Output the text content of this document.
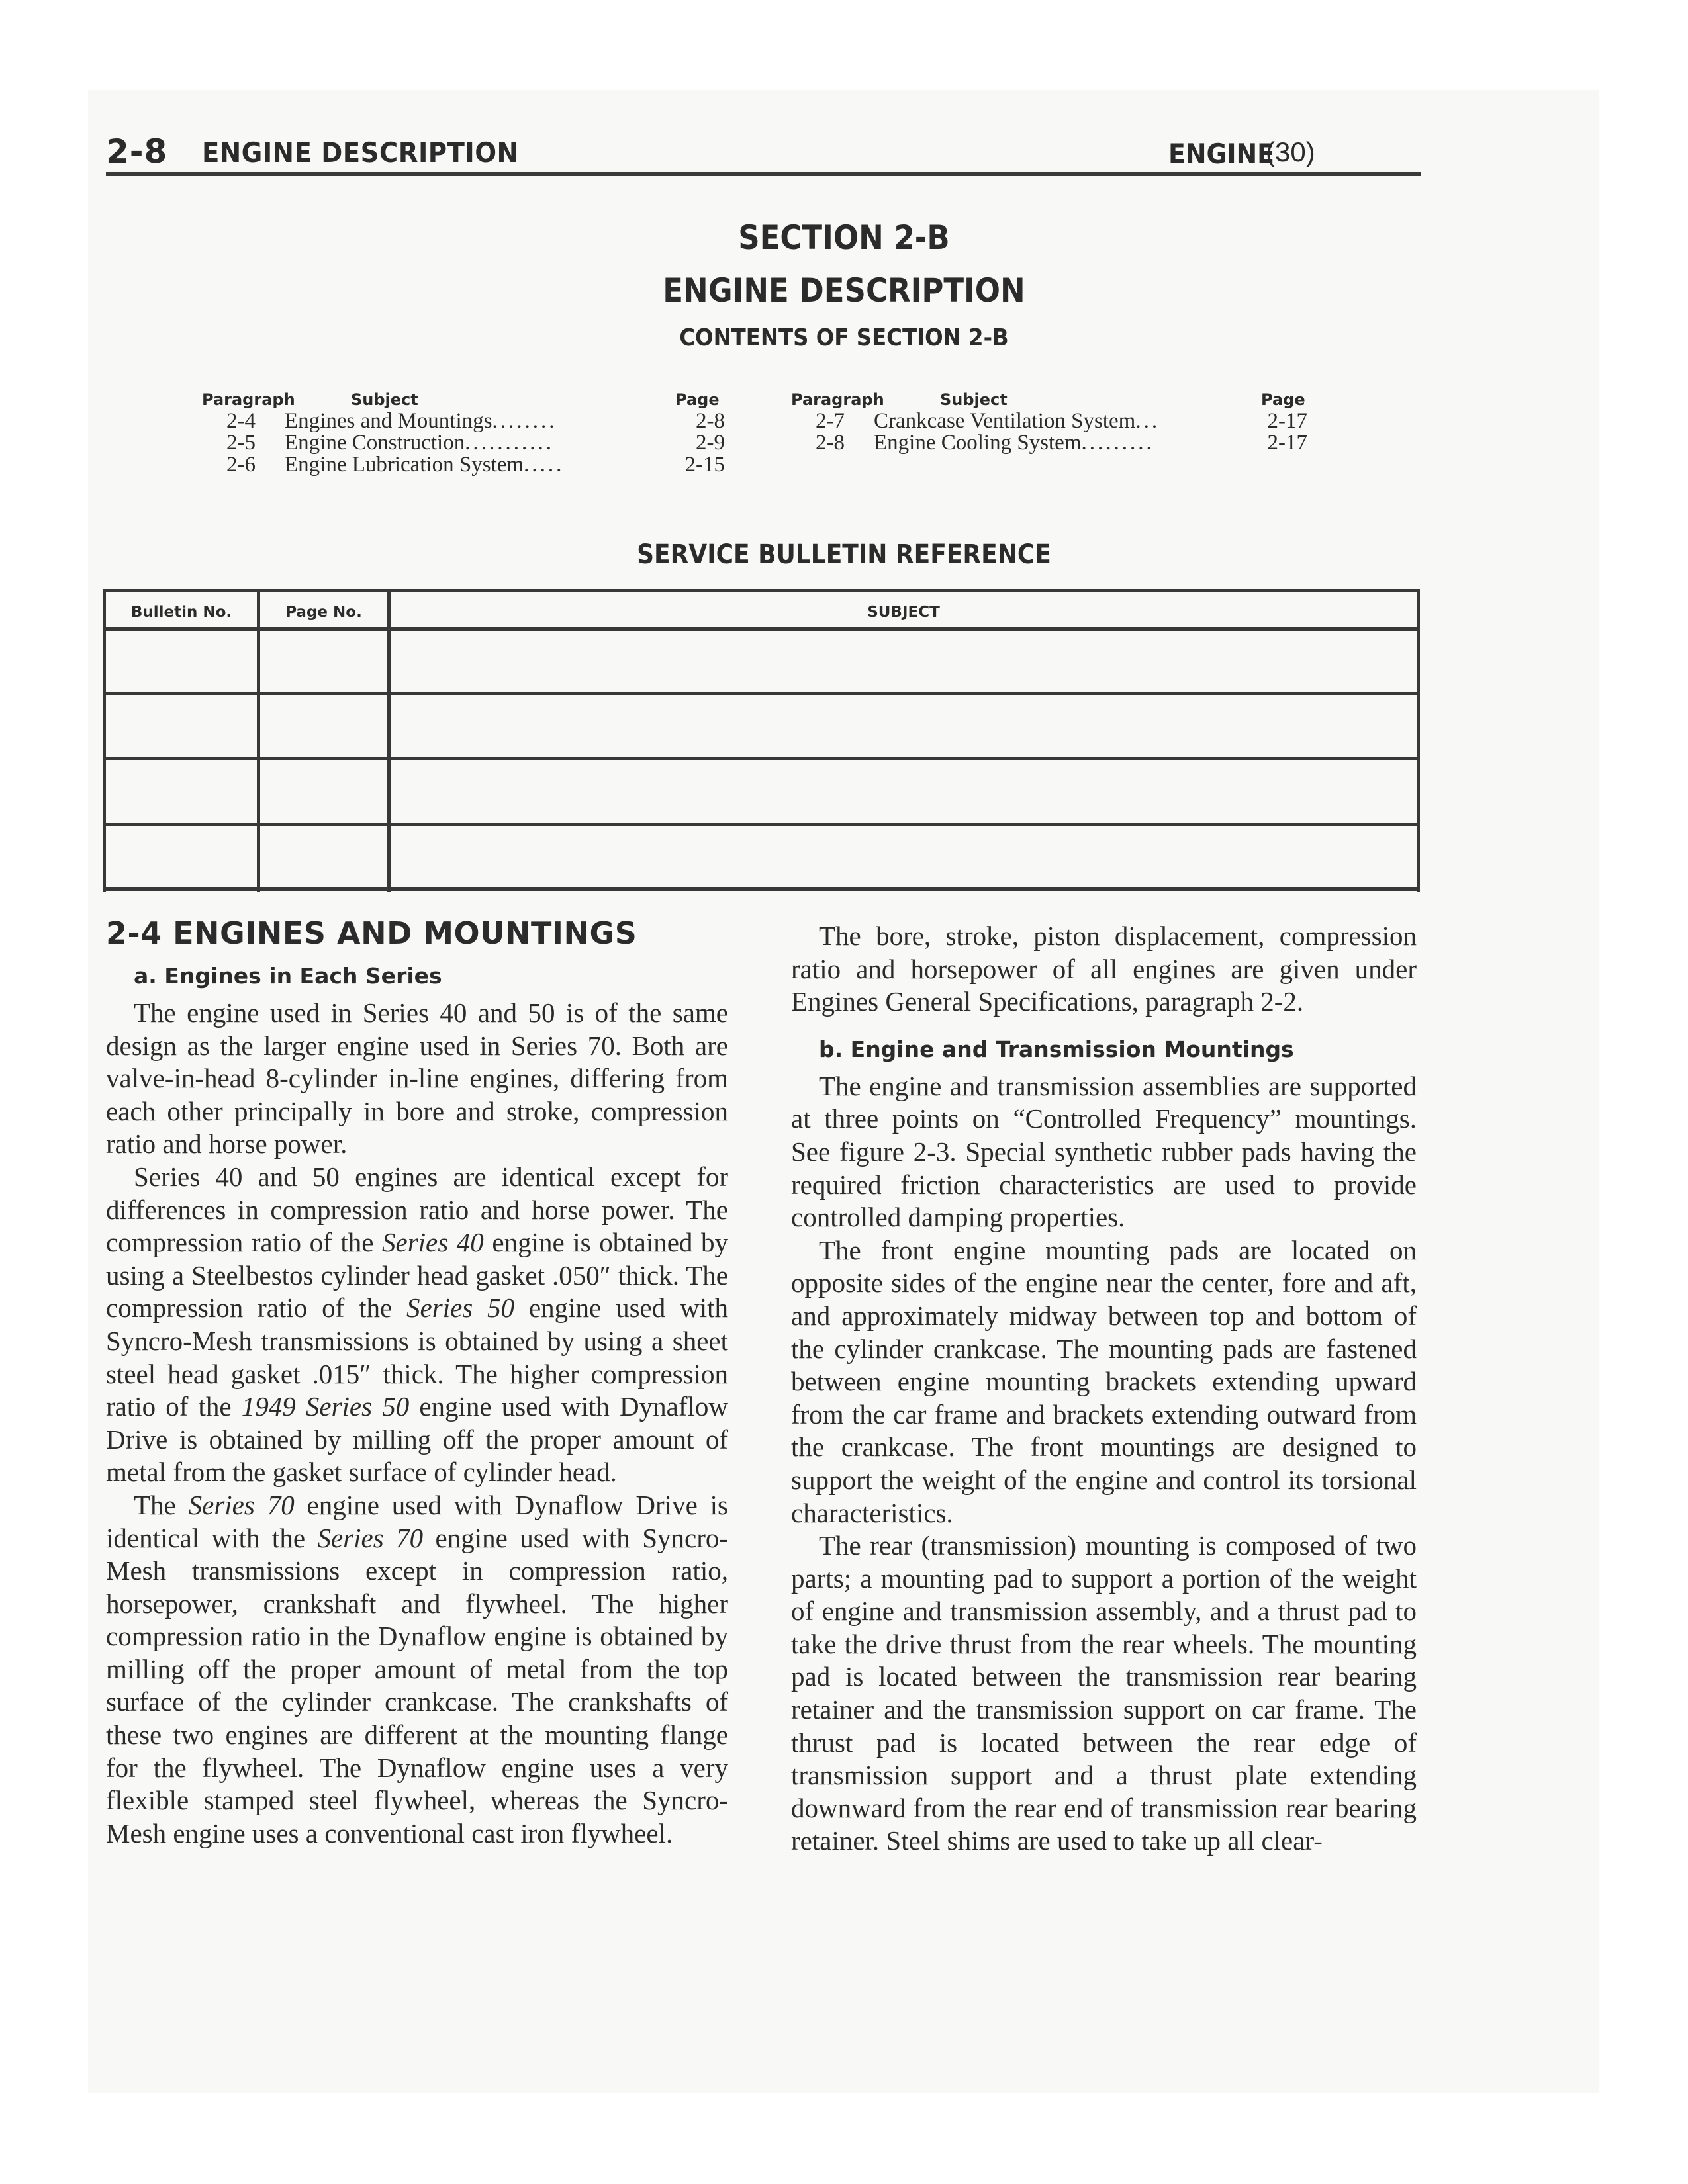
2-8 ENGINE DESCRIPTION	ENGINE
(30)
SECTION 2-B
ENGINE DESCRIPTION
CONTENTS OF SECTION 2-B
Paragraph	Subject	Page	Paragraph	Subject	Page
2-4 Engines and Mountings........	2-8
2-5 Engine Construction...........	2-9
2-6 Engine Lubrication System.....	2-15
2-7 Crankcase Ventilation System...	2-17
2-8 Engine Cooling System.........	2-17
SERVICE BULLETIN REFERENCE
Bulletin No.	Page No.	SUBJECT
2-4 ENGINES AND MOUNTINGS
a. Engines in Each Series

The engine used in Series 40 and 50 is of the same design as the larger engine used in Series 70. Both are valve-in-head 8-cylinder in-line engines, differing from each other principally in bore and stroke, compression ratio and horse power.

Series 40 and 50 engines are identical except for differences in compression ratio and horse power. The compression ratio of the Series 40 engine is obtained by using a Steelbestos cylinder head gasket .050″ thick. The compression ratio of the Series 50 engine used with Syncro-Mesh transmissions is obtained by using a sheet steel head gasket .015″ thick. The higher compression ratio of the 1949 Series 50 engine used with Dynaflow Drive is obtained by milling off the proper amount of metal from the gasket surface of cylinder head.

The Series 70 engine used with Dynaflow Drive is identical with the Series 70 engine used with Syncro-Mesh transmissions except in compression ratio, horsepower, crankshaft and flywheel. The higher compression ratio in the Dynaflow engine is obtained by milling off the proper amount of metal from the top surface of the cylinder crankcase. The crankshafts of these two engines are different at the mounting flange for the flywheel. The Dynaflow engine uses a very flexible stamped steel flywheel, whereas the Syncro-Mesh engine uses a conventional cast iron flywheel.

The bore, stroke, piston displacement, compression ratio and horsepower of all engines are given under Engines General Specifications, paragraph 2-2.

b. Engine and Transmission Mountings

The engine and transmission assemblies are supported at three points on “Controlled Frequency” mountings. See figure 2-3. Special synthetic rubber pads having the required friction characteristics are used to provide controlled damping properties.

The front engine mounting pads are located on opposite sides of the engine near the center, fore and aft, and approximately midway between top and bottom of the cylinder crankcase. The mounting pads are fastened between engine mounting brackets extending upward from the car frame and brackets extending outward from the crankcase. The front mountings are designed to support the weight of the engine and control its torsional characteristics.

The rear (transmission) mounting is composed of two parts; a mounting pad to support a portion of the weight of engine and transmission assembly, and a thrust pad to take the drive thrust from the rear wheels. The mounting pad is located between the transmission rear bearing retainer and the transmission support on car frame. The thrust pad is located between the rear edge of transmission support and a thrust plate extending downward from the rear end of transmission rear bearing retainer. Steel shims are used to take up all clear-
